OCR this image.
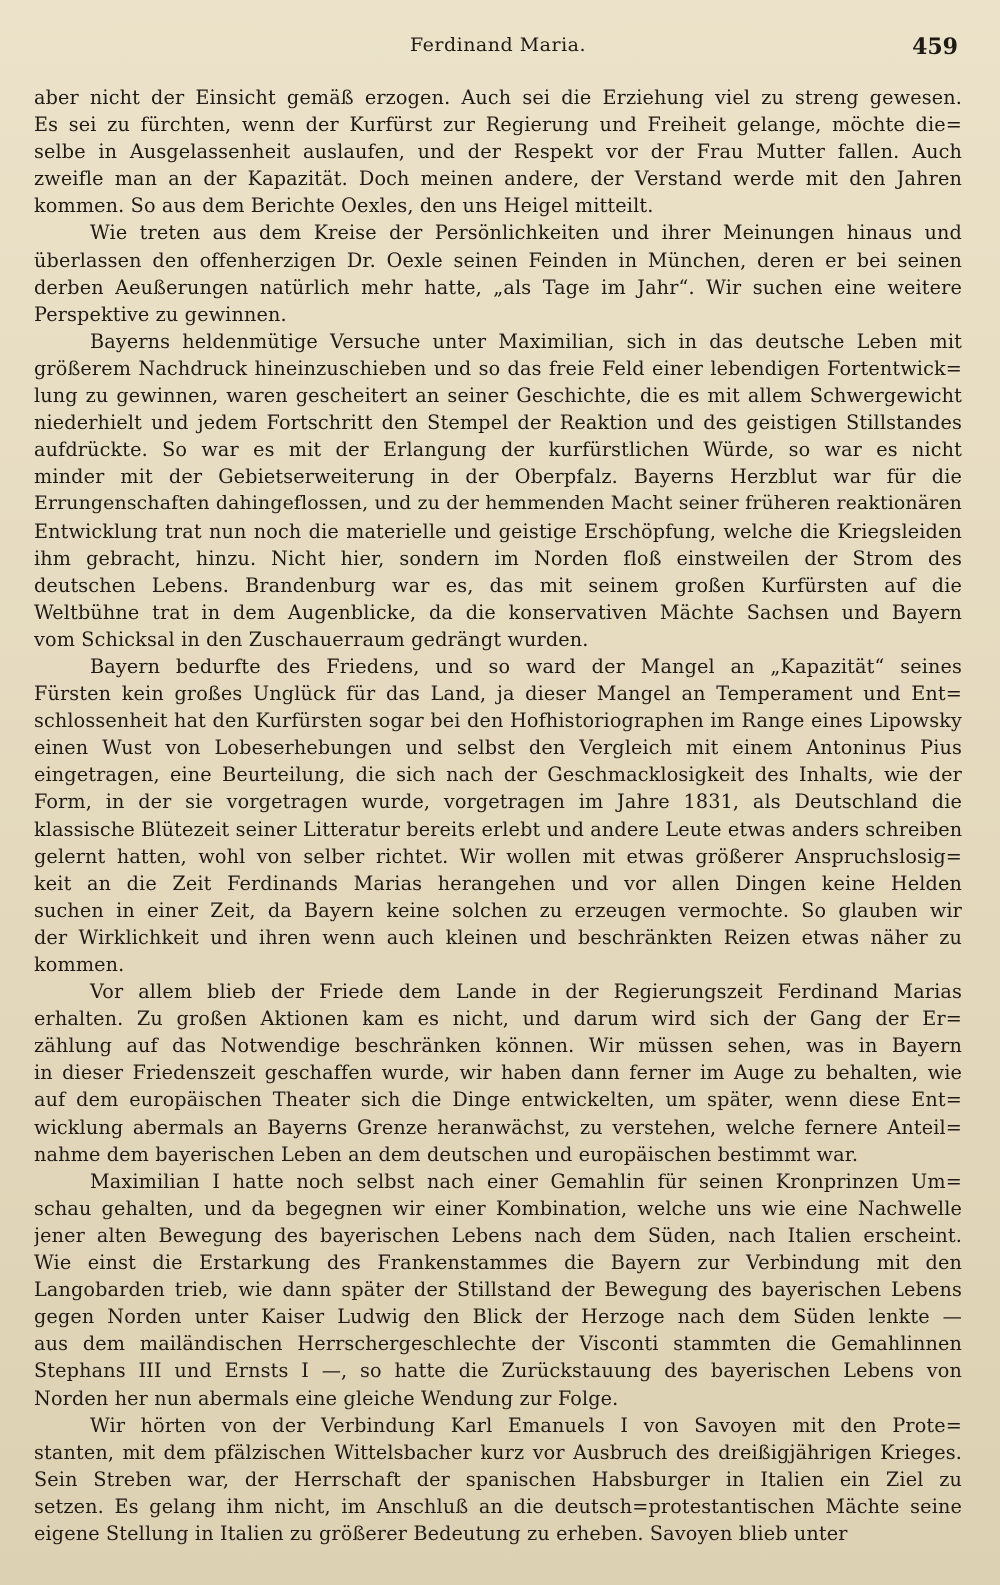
Ferdinand Maria.	459

aber nicht der Einsicht gemäß erzogen. Auch sei die Erziehung viel zu streng gewesen.
Es sei zu fürchten, wenn der Kurfürst zur Regierung und Freiheit gelange, möchte die=
selbe in Ausgelassenheit auslaufen, und der Respekt vor der Frau Mutter fallen. Auch
zweifle man an der Kapazität. Doch meinen andere, der Verstand werde mit den Jahren
kommen. So aus dem Berichte Oexles, den uns Heigel mitteilt.

Wie treten aus dem Kreise der Persönlichkeiten und ihrer Meinungen hinaus und
überlassen den offenherzigen Dr. Oexle seinen Feinden in München, deren er bei seinen
derben Aeußerungen natürlich mehr hatte, „als Tage im Jahr“. Wir suchen eine weitere
Perspektive zu gewinnen.

Bayerns heldenmütige Versuche unter Maximilian, sich in das deutsche Leben mit
größerem Nachdruck hineinzuschieben und so das freie Feld einer lebendigen Fortentwick=
lung zu gewinnen, waren gescheitert an seiner Geschichte, die es mit allem Schwergewicht
niederhielt und jedem Fortschritt den Stempel der Reaktion und des geistigen Stillstandes
aufdrückte. So war es mit der Erlangung der kurfürstlichen Würde, so war es nicht
minder mit der Gebietserweiterung in der Oberpfalz. Bayerns Herzblut war für die
Errungenschaften dahingeflossen, und zu der hemmenden Macht seiner früheren reaktionären
Entwicklung trat nun noch die materielle und geistige Erschöpfung, welche die Kriegsleiden
ihm gebracht, hinzu. Nicht hier, sondern im Norden floß einstweilen der Strom des
deutschen Lebens. Brandenburg war es, das mit seinem großen Kurfürsten auf die
Weltbühne trat in dem Augenblicke, da die konservativen Mächte Sachsen und Bayern
vom Schicksal in den Zuschauerraum gedrängt wurden.

Bayern bedurfte des Friedens, und so ward der Mangel an „Kapazität“ seines
Fürsten kein großes Unglück für das Land, ja dieser Mangel an Temperament und Ent=
schlossenheit hat den Kurfürsten sogar bei den Hofhistoriographen im Range eines Lipowsky
einen Wust von Lobeserhebungen und selbst den Vergleich mit einem Antoninus Pius
eingetragen, eine Beurteilung, die sich nach der Geschmacklosigkeit des Inhalts, wie der
Form, in der sie vorgetragen wurde, vorgetragen im Jahre 1831, als Deutschland die
klassische Blütezeit seiner Litteratur bereits erlebt und andere Leute etwas anders schreiben
gelernt hatten, wohl von selber richtet. Wir wollen mit etwas größerer Anspruchslosig=
keit an die Zeit Ferdinands Marias herangehen und vor allen Dingen keine Helden
suchen in einer Zeit, da Bayern keine solchen zu erzeugen vermochte. So glauben wir
der Wirklichkeit und ihren wenn auch kleinen und beschränkten Reizen etwas näher zu
kommen.

Vor allem blieb der Friede dem Lande in der Regierungszeit Ferdinand Marias
erhalten. Zu großen Aktionen kam es nicht, und darum wird sich der Gang der Er=
zählung auf das Notwendige beschränken können. Wir müssen sehen, was in Bayern
in dieser Friedenszeit geschaffen wurde, wir haben dann ferner im Auge zu behalten, wie
auf dem europäischen Theater sich die Dinge entwickelten, um später, wenn diese Ent=
wicklung abermals an Bayerns Grenze heranwächst, zu verstehen, welche fernere Anteil=
nahme dem bayerischen Leben an dem deutschen und europäischen bestimmt war.

Maximilian I hatte noch selbst nach einer Gemahlin für seinen Kronprinzen Um=
schau gehalten, und da begegnen wir einer Kombination, welche uns wie eine Nachwelle
jener alten Bewegung des bayerischen Lebens nach dem Süden, nach Italien erscheint.
Wie einst die Erstarkung des Frankenstammes die Bayern zur Verbindung mit den
Langobarden trieb, wie dann später der Stillstand der Bewegung des bayerischen Lebens
gegen Norden unter Kaiser Ludwig den Blick der Herzoge nach dem Süden lenkte —
aus dem mailändischen Herrschergeschlechte der Visconti stammten die Gemahlinnen
Stephans III und Ernsts I —, so hatte die Zurückstauung des bayerischen Lebens von
Norden her nun abermals eine gleiche Wendung zur Folge.

Wir hörten von der Verbindung Karl Emanuels I von Savoyen mit den Prote=
stanten, mit dem pfälzischen Wittelsbacher kurz vor Ausbruch des dreißigjährigen Krieges.
Sein Streben war, der Herrschaft der spanischen Habsburger in Italien ein Ziel zu
setzen. Es gelang ihm nicht, im Anschluß an die deutsch=protestantischen Mächte seine
eigene Stellung in Italien zu größerer Bedeutung zu erheben. Savoyen blieb unter
